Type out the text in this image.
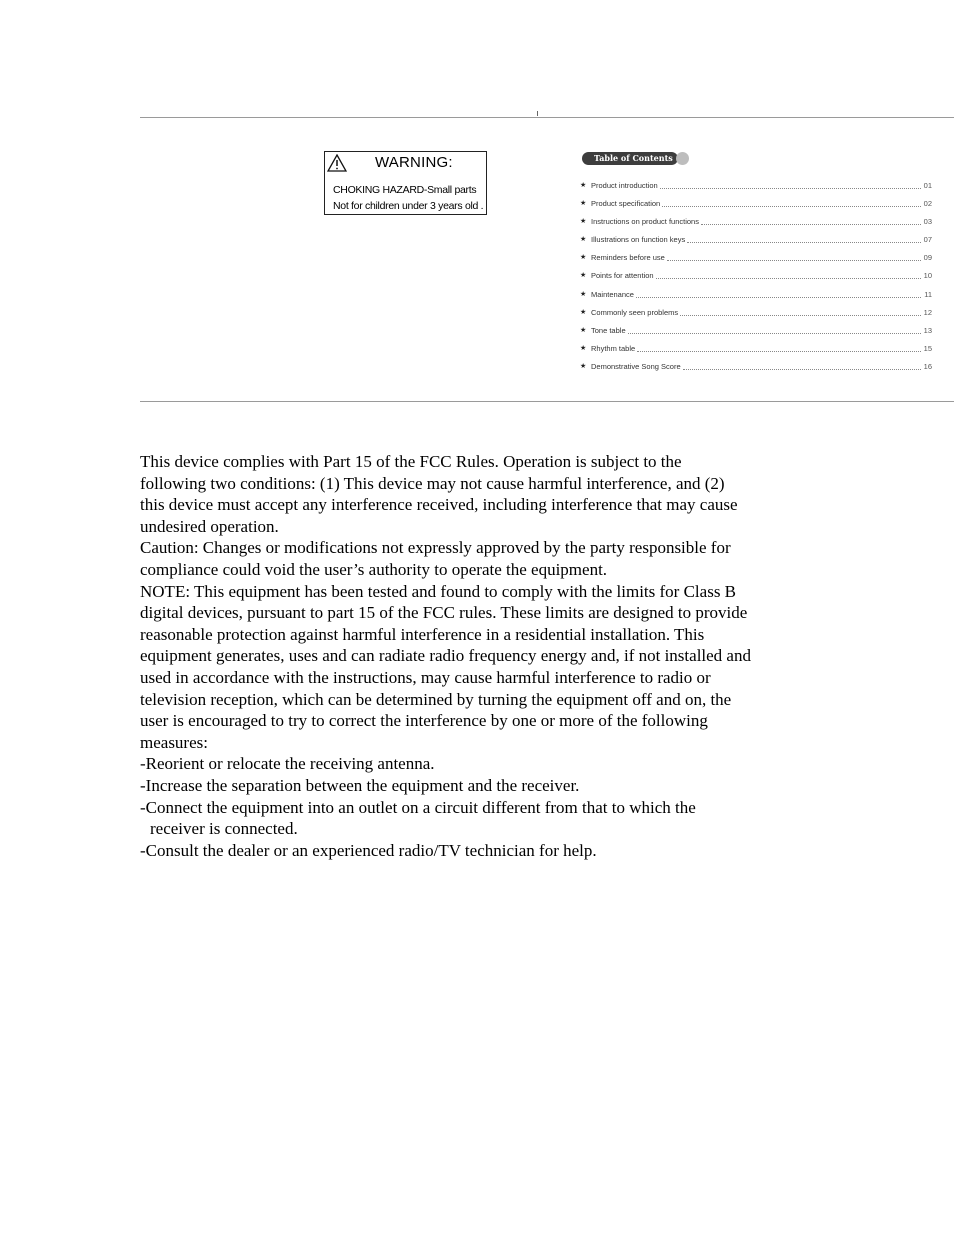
WARNING:
CHOKING HAZARD-Small parts
Not for children under 3 years old .
Table of Contents
★ Product introduction	01
★ Product specification	02
★ Instructions on product functions	03
★ Illustrations on function keys	07
★ Reminders before use	09
★ Points for attention	10
★ Maintenance	11
★ Commonly seen problems	12
★ Tone table	13
★ Rhythm table	15
★ Demonstrative Song Score	16

This device complies with Part 15 of the FCC Rules. Operation is subject to the

following two conditions: (1) This device may not cause harmful interference, and (2)

this device must accept any interference received, including interference that may cause

undesired operation.

Caution: Changes or modifications not expressly approved by the party responsible for

compliance could void the user’s authority to operate the equipment.

NOTE: This equipment has been tested and found to comply with the limits for Class B

digital devices, pursuant to part 15 of the FCC rules. These limits are designed to provide

reasonable protection against harmful interference in a residential installation. This

equipment generates, uses and can radiate radio frequency energy and, if not installed and

used in accordance with the instructions, may cause harmful interference to radio or

television reception, which can be determined by turning the equipment off and on, the

user is encouraged to try to correct the interference by one or more of the following

measures:

-Reorient or relocate the receiving antenna.

-Increase the separation between the equipment and the receiver.

-Connect the equipment into an outlet on a circuit different from that to which the

receiver is connected.

-Consult the dealer or an experienced radio/TV technician for help.
